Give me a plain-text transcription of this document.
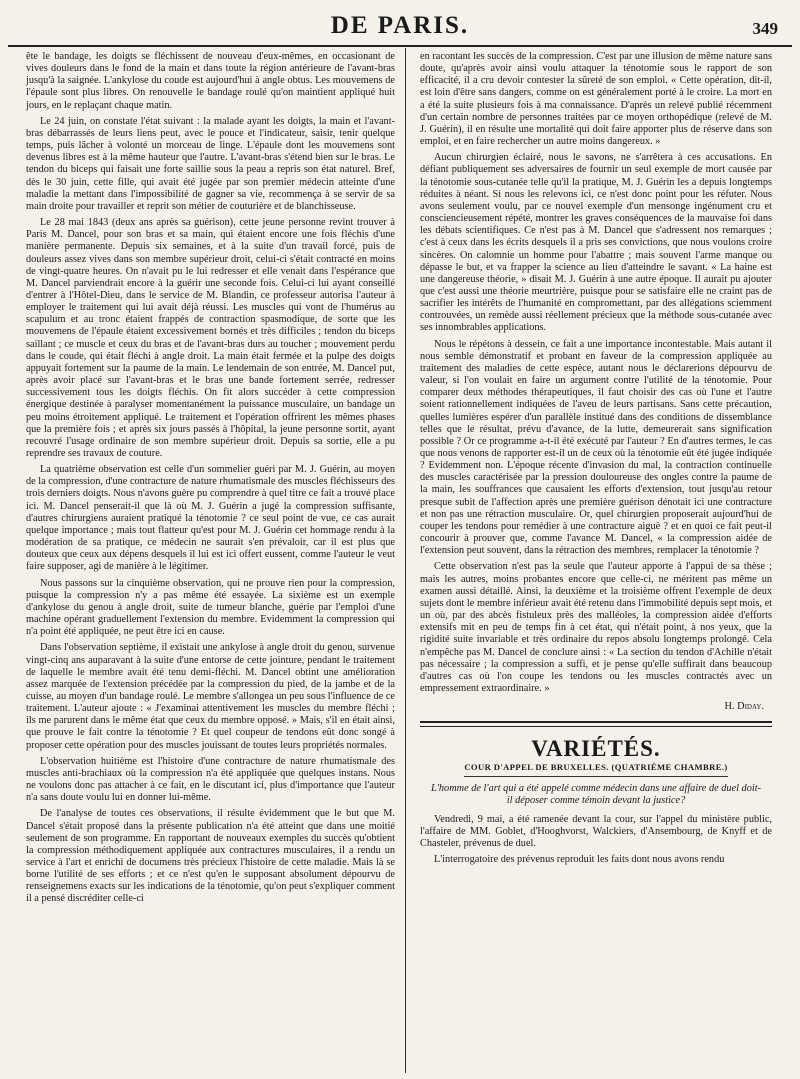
DE PARIS.	349

ête le bandage, les doigts se fléchissent de nouveau d'eux-mêmes, en occasionant de vives douleurs dans le fond de la main et dans toute la région antérieure de l'avant-bras jusqu'à la saignée. L'ankylose du coude est aujourd'hui à angle obtus. Les mouvemens de l'épaule sont plus libres. On renouvelle le bandage roulé qu'on maintient appliqué huit jours, en le replaçant chaque matin.

Le 24 juin, on constate l'état suivant : la malade ayant les doigts, la main et l'avant-bras débarrassés de leurs liens peut, avec le pouce et l'indicateur, saisir, tenir quelque temps, puis lâcher à volonté un morceau de linge. L'épaule dont les mouvemens sont devenus libres est à la même hauteur que l'autre. L'avant-bras s'étend bien sur le bras. Le tendon du biceps qui faisait une forte saillie sous la peau a repris son état naturel. Bref, dès le 30 juin, cette fille, qui avait été jugée par son premier médecin atteinte d'une maladie la mettant dans l'impossibilité de gagner sa vie, recommença à se servir de sa main droite pour travailler et reprit son métier de couturière et de blanchisseuse.

Le 28 mai 1843 (deux ans après sa guérison), cette jeune personne revint trouver à Paris M. Dancel, pour son bras et sa main, qui étaient encore une fois fléchis d'une manière permanente. Depuis six semaines, et à la suite d'un travail forcé, puis de douleurs assez vives dans son membre supérieur droit, celui-ci s'était contracté en moins de vingt-quatre heures. On n'avait pu le lui redresser et elle venait dans l'espérance que M. Dancel parviendrait encore à la guérir une seconde fois. Celui-ci lui ayant conseillé d'entrer à l'Hôtel-Dieu, dans le service de M. Blandin, ce professeur autorisa l'auteur à employer le traitement qui lui avait déjà réussi. Les muscles qui vont de l'humérus au scapulum et au tronc étaient frappés de contraction spasmodique, de sorte que les mouvemens de l'épaule étaient excessivement bornés et très difficiles ; tendon du biceps saillant ; ce muscle et ceux du bras et de l'avant-bras durs au toucher ; mouvement perdu dans le coude, qui était fléchi à angle droit. La main était fermée et la pulpe des doigts appuyait fortement sur la paume de la main. Le lendemain de son entrée, M. Dancel put, après avoir placé sur l'avant-bras et le bras une bande fortement serrée, redresser successivement tous les doigts fléchis. On fit alors succéder à cette compression énergique destinée à paralyser momentanément la puissance musculaire, un bandage un peu moins étroitement appliqué. Le traitement et l'opération offrirent les mêmes phases que la première fois ; et après six jours passés à l'hôpital, la jeune personne sortit, ayant recouvré l'usage ordinaire de son membre supérieur droit. Depuis sa sortie, elle a pu reprendre ses travaux de couture.

La quatrième observation est celle d'un sommelier guéri par M. J. Guérin, au moyen de la compression, d'une contracture de nature rhumatismale des muscles fléchisseurs des trois derniers doigts. Nous n'avons guère pu comprendre à quel titre ce fait a trouvé place ici. M. Dancel penserait-il que là où M. J. Guérin a jugé la compression suffisante, d'autres chirurgiens auraient pratiqué la ténotomie ? ce seul point de vue, ce cas aurait quelque importance ; mais tout flatteur qu'est pour M. J. Guérin cet hommage rendu à la modération de sa pratique, ce médecin ne saurait s'en prévaloir, car il est plus que douteux que ceux aux dépens desquels il lui est ici offert eussent, comme l'auteur le veut faire supposer, agi de manière à le légitimer.

Nous passons sur la cinquième observation, qui ne prouve rien pour la compression, puisque la compression n'y a pas même été essayée. La sixième est un exemple d'ankylose du genou à angle droit, suite de tumeur blanche, guérie par l'emploi d'une machine opérant graduellement l'extension du membre. Evidemment la compression qui n'a point été appliquée, ne peut être ici en cause.

Dans l'observation septième, il existait une ankylose à angle droit du genou, survenue vingt-cinq ans auparavant à la suite d'une entorse de cette jointure, pendant le traitement de laquelle le membre avait été tenu demi-fléchi. M. Dancel obtint une amélioration assez marquée de l'extension précédée par la compression du pied, de la jambe et de la cuisse, au moyen d'un bandage roulé. Le membre s'allongea un peu sous l'influence de ce traitement. L'auteur ajoute : « J'examinai attentivement les muscles du membre fléchi ; ils me parurent dans le même état que ceux du membre opposé. » Mais, s'il en était ainsi, que prouve le fait contre la ténotomie ? Et quel coupeur de tendons eût donc songé à proposer cette opération pour des muscles jouissant de toutes leurs propriétés normales.

L'observation huitième est l'histoire d'une contracture de nature rhumatismale des muscles anti-brachiaux où la compression n'a été appliquée que quelques instans. Nous ne voulons donc pas attacher à ce fait, en le discutant ici, plus d'importance que l'auteur n'a sans doute voulu lui en donner lui-même.

De l'analyse de toutes ces observations, il résulte évidemment que le but que M. Dancel s'était proposé dans la présente publication n'a été atteint que dans une moitié seulement de son programme. En rapportant de nouveaux exemples du succès qu'obtient la compression méthodiquement appliquée aux contractures musculaires, il a rendu un service à l'art et enrichi de documens très précieux l'histoire de cette maladie. Mais là se borne l'utilité de ses efforts ; et ce n'est qu'en le supposant absolument dépourvu de renseignemens exacts sur les indications de la ténotomie, qu'on peut s'expliquer comment il a pensé discréditer celle-ci

en racontant les succès de la compression. C'est par une illusion de même nature sans doute, qu'après avoir ainsi voulu attaquer la ténotomie sous le rapport de son efficacité, il a cru devoir contester la sûreté de son emploi. « Cette opération, dit-il, est loin d'être sans dangers, comme on est généralement porté à le croire. La mort en a été la suite plusieurs fois à ma connaissance. D'après un relevé publié récemment d'un certain nombre de personnes traitées par ce moyen orthopédique (relevé de M. J. Guérin), il en résulte une mortalité qui doit faire apporter plus de réserve dans son emploi, et en faire rechercher un autre moins dangereux. »

Aucun chirurgien éclairé, nous le savons, ne s'arrêtera à ces accusations. En défiant publiquement ses adversaires de fournir un seul exemple de mort causée par la ténotomie sous-cutanée telle qu'il la pratique, M. J. Guérin les a depuis longtemps réduites à néant. Si nous les relevons ici, ce n'est donc point pour les réfuter. Nous avons seulement voulu, par ce nouvel exemple d'un mensonge ingénument cru et consciencieusement répété, montrer les graves conséquences de la mauvaise foi dans les débats scientifiques. Ce n'est pas à M. Dancel que s'adressent nos remarques ; c'est à ceux dans les écrits desquels il a pris ses convictions, que nous voulons croire sincères. On calomnie un homme pour l'abattre ; mais souvent l'arme manque ou dépasse le but, et va frapper la science au lieu d'atteindre le savant. « La haine est une dangereuse théorie, » disait M. J. Guérin à une autre époque. Il aurait pu ajouter que c'est aussi une théorie meurtrière, puisque pour se satisfaire elle ne craint pas de sacrifier les intérêts de l'humanité en compromettant, par des allégations sciemment controuvées, un remède aussi réellement précieux que la méthode sous-cutanée avec ses innombrables applications.

Nous le répétons à dessein, ce fait a une importance incontestable. Mais autant il nous semble démonstratif et probant en faveur de la compression appliquée au traitement des maladies de cette espèce, autant nous le déclarerions dépourvu de valeur, si l'on voulait en faire un argument contre l'utilité de la ténotomie. Pour comparer deux méthodes thérapeutiques, il faut choisir des cas où l'une et l'autre soient rationnellement indiquées de l'aveu de leurs partisans. Sans cette précaution, quelles lumières espérer d'un parallèle institué dans des conditions de dissemblance telles que le résultat, prévu d'avance, de la lutte, demeurerait sans signification possible ? Or ce programme a-t-il été exécuté par l'auteur ? En d'autres termes, le cas que nous venons de rapporter est-il un de ceux où la ténotomie eût été jugée indiquée ? Evidemment non. L'époque récente d'invasion du mal, la contraction continuelle des muscles caractérisée par la pression douloureuse des ongles contre la paume de la main, les souffrances que causaient les efforts d'extension, tout jusqu'au retour presque subit de l'affection après une première guérison dénotait ici une contracture et non pas une rétraction musculaire. Or, quel chirurgien proposerait aujourd'hui de couper les tendons pour remédier à une contracture aiguë ? et en quoi ce fait peut-il concourir à prouver que, comme l'avance M. Dancel, « la compression aidée de l'extension peut souvent, dans la rétraction des membres, remplacer la ténotomie ?

Cette observation n'est pas la seule que l'auteur apporte à l'appui de sa thèse ; mais les autres, moins probantes encore que celle-ci, ne méritent pas même un examen aussi détaillé. Ainsi, la deuxième et la troisième offrent l'exemple de deux sujets dont le membre inférieur avait été retenu dans l'immobilité depuis sept mois, et un où, par des abcès fistuleux près des malléoles, la compression aidée d'efforts extensifs mit en peu de temps fin à cet état, qui n'était point, à nos yeux, que la rigidité suite invariable et très ordinaire du repos absolu longtemps prolongé. Cela n'empêche pas M. Dancel de conclure ainsi : « La section du tendon d'Achille n'était pas nécessaire ; la compression a suffi, et je pense qu'elle suffirait dans beaucoup d'autres cas où l'on coupe les tendons ou les muscles contractés avec un empressement extraordinaire. »

H. Diday.
VARIÉTÉS.
COUR D'APPEL DE BRUXELLES. (QUATRIÈME CHAMBRE.)
L'homme de l'art qui a été appelé comme médecin dans une affaire de duel doit-il déposer comme témoin devant la justice?

Vendredi, 9 mai, a été ramenée devant la cour, sur l'appel du ministère public, l'affaire de MM. Goblet, d'Hooghvorst, Walckiers, d'Ansembourg, de Knyff et de Chasteler, prévenus de duel.

L'interrogatoire des prévenus reproduit les faits dont nous avons rendu
